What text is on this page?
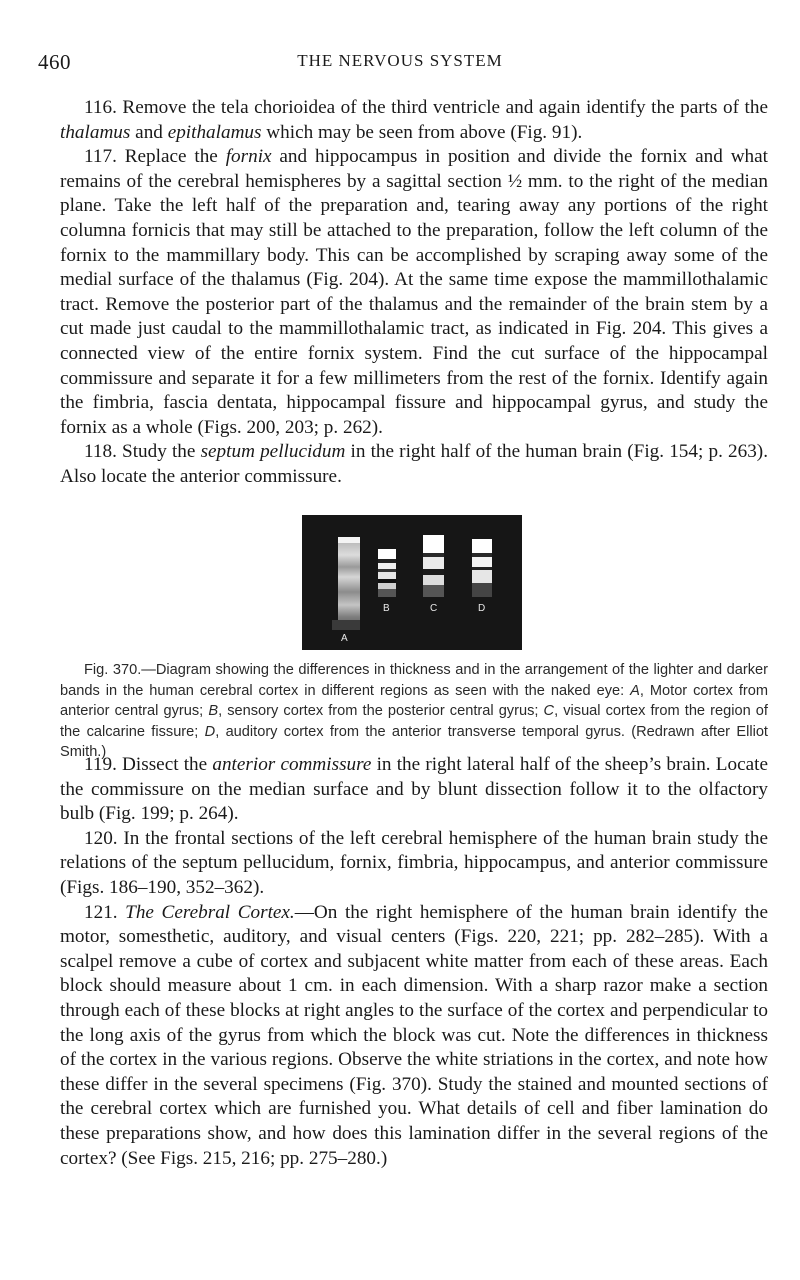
460	THE NERVOUS SYSTEM

116. Remove the tela chorioidea of the third ventricle and again identify the parts of the thalamus and epithalamus which may be seen from above (Fig. 91).

117. Replace the fornix and hippocampus in position and divide the fornix and what remains of the cerebral hemispheres by a sagittal section ½ mm. to the right of the median plane. Take the left half of the preparation and, tearing away any portions of the right columna fornicis that may still be attached to the preparation, follow the left column of the fornix to the mammillary body. This can be accomplished by scraping away some of the medial surface of the thalamus (Fig. 204). At the same time expose the mammillothalamic tract. Remove the posterior part of the thalamus and the remainder of the brain stem by a cut made just caudal to the mammillothalamic tract, as indicated in Fig. 204. This gives a connected view of the entire fornix system. Find the cut surface of the hippocampal commissure and separate it for a few millimeters from the rest of the fornix. Identify again the fimbria, fascia dentata, hippocampal fissure and hippocampal gyrus, and study the fornix as a whole (Figs. 200, 203; p. 262).

118. Study the septum pellucidum in the right half of the human brain (Fig. 154; p. 263). Also locate the anterior commissure.

A
B	C	D

Fig. 370.—Diagram showing the differences in thickness and in the arrangement of the lighter and darker bands in the human cerebral cortex in different regions as seen with the naked eye: A, Motor cortex from anterior central gyrus; B, sensory cortex from the posterior central gyrus; C, visual cortex from the region of the calcarine fissure; D, auditory cortex from the anterior transverse temporal gyrus. (Redrawn after Elliot Smith.)

119. Dissect the anterior commissure in the right lateral half of the sheep’s brain. Locate the commissure on the median surface and by blunt dissection follow it to the olfactory bulb (Fig. 199; p. 264).

120. In the frontal sections of the left cerebral hemisphere of the human brain study the relations of the septum pellucidum, fornix, fimbria, hippocampus, and anterior commissure (Figs. 186–190, 352–362).

121. The Cerebral Cortex.—On the right hemisphere of the human brain identify the motor, somesthetic, auditory, and visual centers (Figs. 220, 221; pp. 282–285). With a scalpel remove a cube of cortex and subjacent white matter from each of these areas. Each block should measure about 1 cm. in each dimension. With a sharp razor make a section through each of these blocks at right angles to the surface of the cortex and perpendicular to the long axis of the gyrus from which the block was cut. Note the differences in thickness of the cortex in the various regions. Observe the white striations in the cortex, and note how these differ in the several specimens (Fig. 370). Study the stained and mounted sections of the cerebral cortex which are furnished you. What details of cell and fiber lamination do these preparations show, and how does this lamination differ in the several regions of the cortex? (See Figs. 215, 216; pp. 275–280.)
